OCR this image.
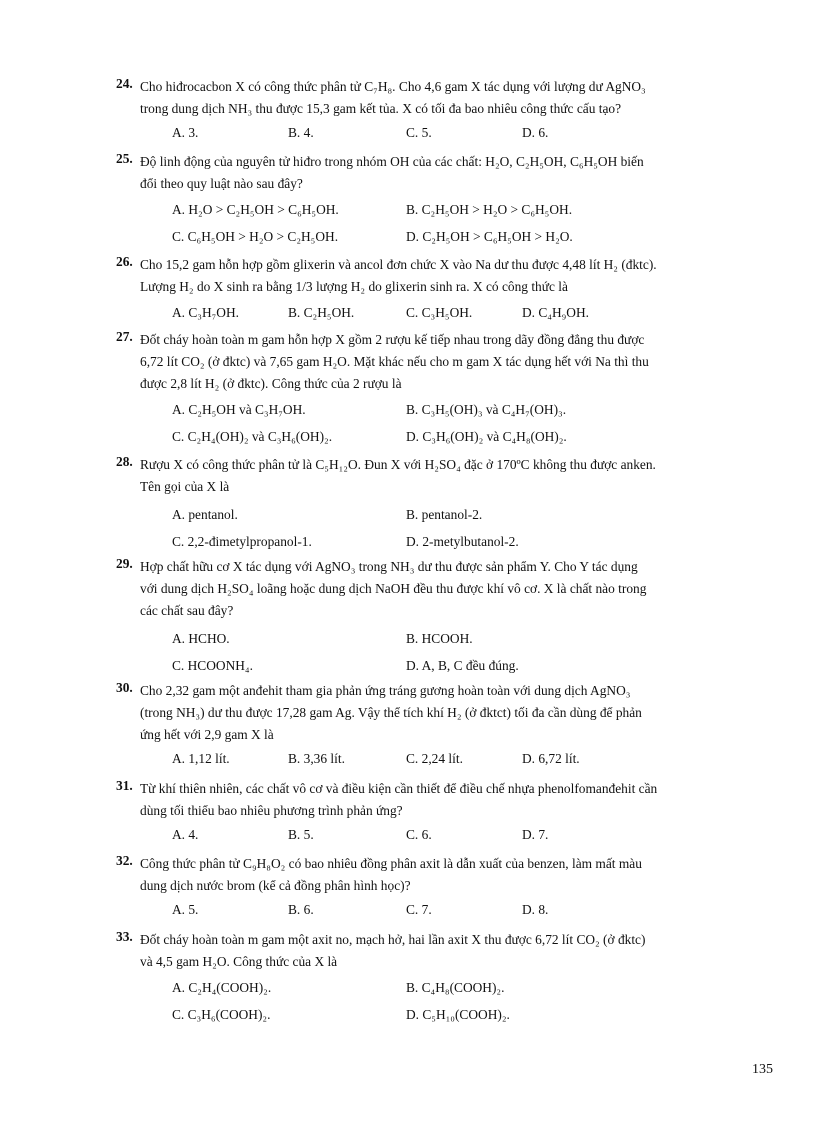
24. Cho hiđrocacbon X có công thức phân tử C₇H₈. Cho 4,6 gam X tác dụng với lượng dư AgNO₃
trong dung dịch NH₃ thu được 15,3 gam kết tủa. X có tối đa bao nhiêu công thức cấu tạo?
A. 3.	B. 4.	C. 5.	D. 6.
25. Độ linh động của nguyên tử hiđro trong nhóm OH của các chất: H₂O, C₂H₅OH, C₆H₅OH biến
đổi theo quy luật nào sau đây?
A. H₂O > C₂H₅OH > C₆H₅OH.	B. C₂H₅OH > H₂O > C₆H₅OH.
C. C₆H₅OH > H₂O > C₂H₅OH.	D. C₂H₅OH > C₆H₅OH > H₂O.
26. Cho 15,2 gam hỗn hợp gồm glixerin và ancol đơn chức X vào Na dư thu được 4,48 lít H₂ (đktc).
Lượng H₂ do X sinh ra bằng 1/3 lượng H₂ do glixerin sinh ra. X có công thức là
A. C₃H₇OH.	B. C₂H₅OH.	C. C₃H₅OH.	D. C₄H₉OH.
27. Đốt cháy hoàn toàn m gam hỗn hợp X gồm 2 rượu kế tiếp nhau trong dãy đồng đẳng thu được
6,72 lít CO₂ (ở đktc) và 7,65 gam H₂O. Mặt khác nếu cho m gam X tác dụng hết với Na thì thu
được 2,8 lít H₂ (ở đktc). Công thức của 2 rượu là
A. C₂H₅OH và C₃H₇OH.	B. C₃H₅(OH)₃ và C₄H₇(OH)₃.
C. C₂H₄(OH)₂ và C₃H₆(OH)₂.	D. C₃H₆(OH)₂ và C₄H₈(OH)₂.
28. Rượu X có công thức phân tử là C₅H₁₂O. Đun X với H₂SO₄ đặc ở 170ºC không thu được anken.
Tên gọi của X là
A. pentanol.	B. pentanol-2.
C. 2,2-đimetylpropanol-1.	D. 2-metylbutanol-2.
29. Hợp chất hữu cơ X tác dụng với AgNO₃ trong NH₃ dư thu được sản phẩm Y. Cho Y tác dụng
với dung dịch H₂SO₄ loãng hoặc dung dịch NaOH đều thu được khí vô cơ. X là chất nào trong
các chất sau đây?
A. HCHO.	B. HCOOH.
C. HCOONH₄.	D. A, B, C đều đúng.
30. Cho 2,32 gam một anđehit tham gia phản ứng tráng gương hoàn toàn với dung dịch AgNO₃
(trong NH₃) dư thu được 17,28 gam Ag. Vậy thể tích khí H₂ (ở đktct) tối đa cần dùng để phản
ứng hết với 2,9 gam X là
A. 1,12 lít.	B. 3,36 lít.	C. 2,24 lít.	D. 6,72 lít.
31. Từ khí thiên nhiên, các chất vô cơ và điều kiện cần thiết để điều chế nhựa phenolfomanđehit cần
dùng tối thiểu bao nhiêu phương trình phản ứng?
A. 4.	B. 5.	C. 6.	D. 7.
32. Công thức phân tử C₉H₈O₂ có bao nhiêu đồng phân axit là dẫn xuất của benzen, làm mất màu
dung dịch nước brom (kể cả đồng phân hình học)?
A. 5.	B. 6.	C. 7.	D. 8.
33. Đốt cháy hoàn toàn m gam một axit no, mạch hở, hai lần axit X thu được 6,72 lít CO₂ (ở đktc)
và 4,5 gam H₂O. Công thức của X là
A. C₂H₄(COOH)₂.	B. C₄H₈(COOH)₂.
C. C₃H₆(COOH)₂.	D. C₅H₁₀(COOH)₂.
135
